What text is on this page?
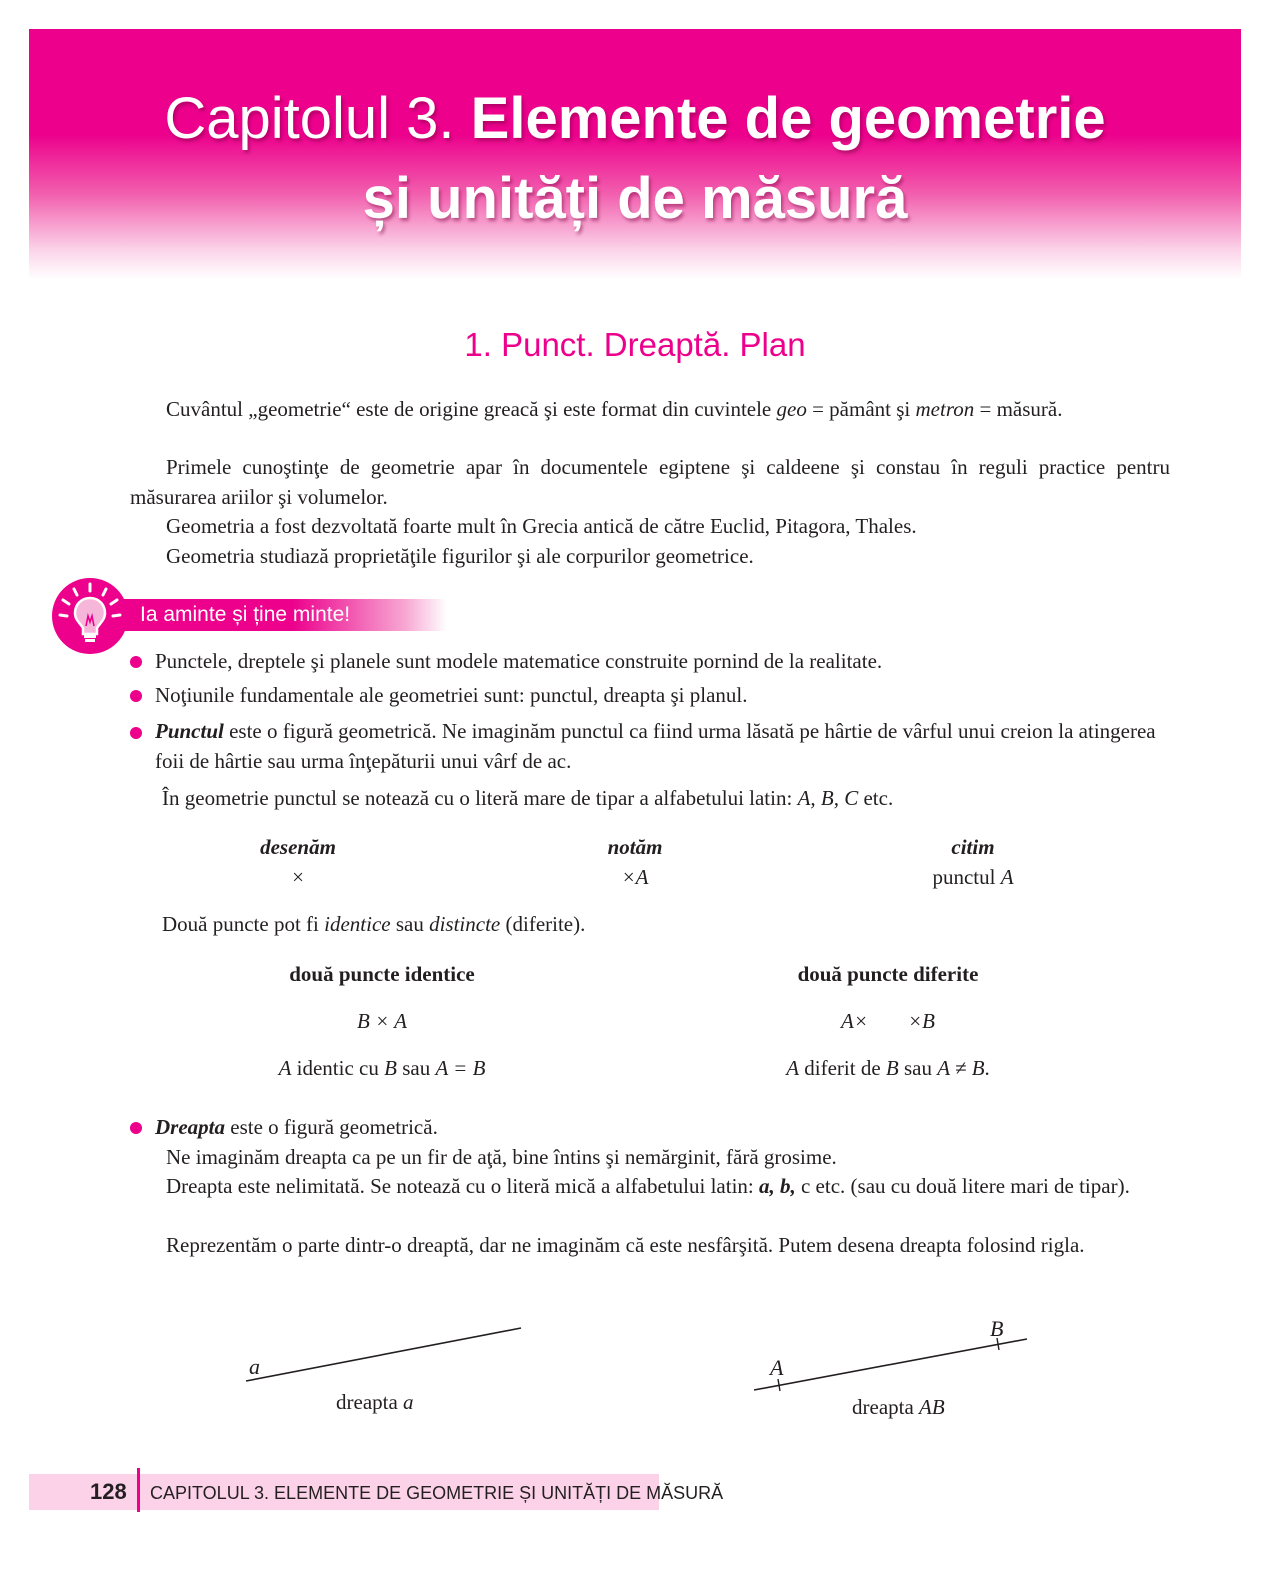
Capitolul 3. Elemente de geometrie
și unități de măsură
1. Punct. Dreaptă. Plan

Cuvântul „geometrie“ este de origine greacă şi este format din cuvintele geo = pământ şi metron = măsură.

Primele cunoştinţe de geometrie apar în documentele egiptene şi caldeene şi constau în reguli practice pentru măsurarea ariilor şi volumelor.

Geometria a fost dezvoltată foarte mult în Grecia antică de către Euclid, Pitagora, Thales.

Geometria studiază proprietăţile figurilor şi ale corpurilor geometrice.

Ia aminte și ține minte!

Punctele, dreptele şi planele sunt modele matematice construite pornind de la realitate.

Noţiunile fundamentale ale geometriei sunt: punctul, dreapta şi planul.

Punctul este o figură geometrică. Ne imaginăm punctul ca fiind urma lăsată pe hârtie de vârful unui creion la atingerea foii de hârtie sau urma înţepăturii unui vârf de ac.

În geometrie punctul se notează cu o literă mare de tipar a alfabetului latin: A, B, C etc.

desenăm
×
notăm
×A
citim
punctul A

Două puncte pot fi identice sau distincte (diferite).

două puncte identice
B × A
A identic cu B sau A = B
două puncte diferite
A× ×B
A diferit de B sau A ≠ B.

Dreapta este o figură geometrică.

Ne imaginăm dreapta ca pe un fir de aţă, bine întins şi nemărginit, fără grosime.

Dreapta este nelimitată. Se notează cu o literă mică a alfabetului latin: a, b, c etc. (sau cu două litere mari de tipar).

Reprezentăm o parte dintr-o dreaptă, dar ne imaginăm că este nesfârşită. Putem desena dreapta folosind rigla.

a
dreapta a
A
B
dreapta AB
128 CAPITOLUL 3. ELEMENTE DE GEOMETRIE ȘI UNITĂȚI DE MĂSURĂ
